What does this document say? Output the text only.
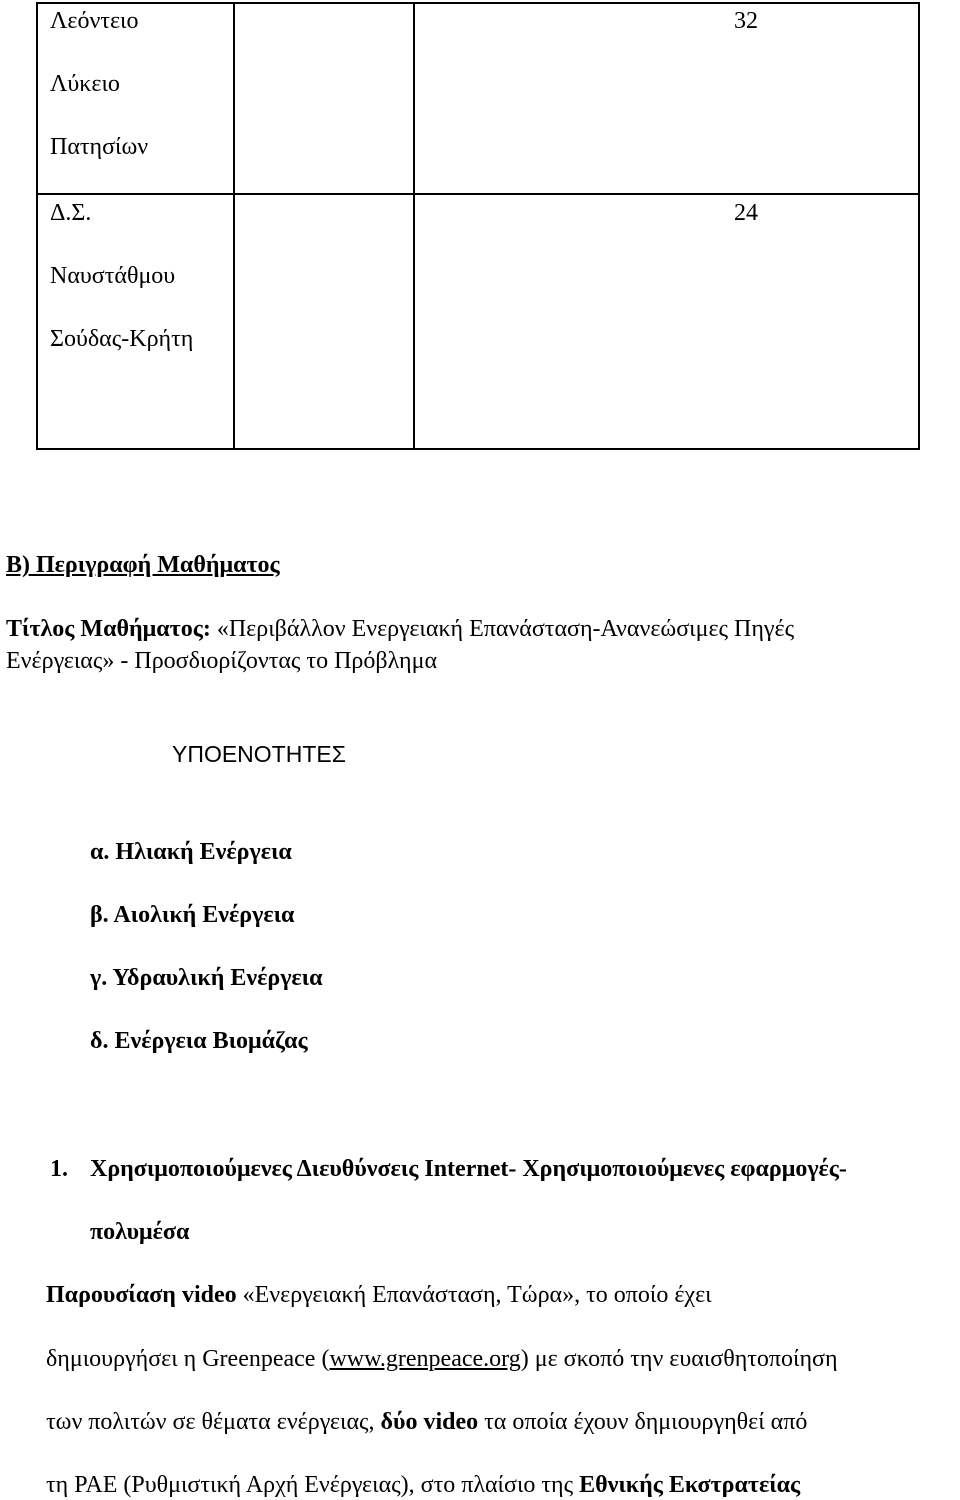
Λεόντειο
Λύκειο
Πατησίων
32
Δ.Σ.
Ναυστάθμου
Σούδας-Κρήτη
24
Β) Περιγραφή Μαθήματος
Τίτλος Μαθήματος: «Περιβάλλον Ενεργειακή Επανάσταση-Ανανεώσιμες Πηγές
Ενέργειας» - Προσδιορίζοντας το Πρόβλημα
ΥΠΟΕΝΟΤΗΤΕΣ
α. Ηλιακή Ενέργεια
β. Αιολική Ενέργεια
γ. Υδραυλική Ενέργεια
δ. Ενέργεια Βιομάζας
1. Χρησιμοποιούμενες Διευθύνσεις Internet- Χρησιμοποιούμενες εφαρμογές-
πολυμέσα
Παρουσίαση video «Ενεργειακή Επανάσταση, Τώρα», το οποίο έχει
δημιουργήσει η Greenpeace (www.grenpeace.org) με σκοπό την ευαισθητοποίηση
των πολιτών σε θέματα ενέργειας, δύο video τα οποία έχουν δημιουργηθεί από
τη ΡΑΕ (Ρυθμιστική Αρχή Ενέργειας), στο πλαίσιο της Εθνικής Εκστρατείας
